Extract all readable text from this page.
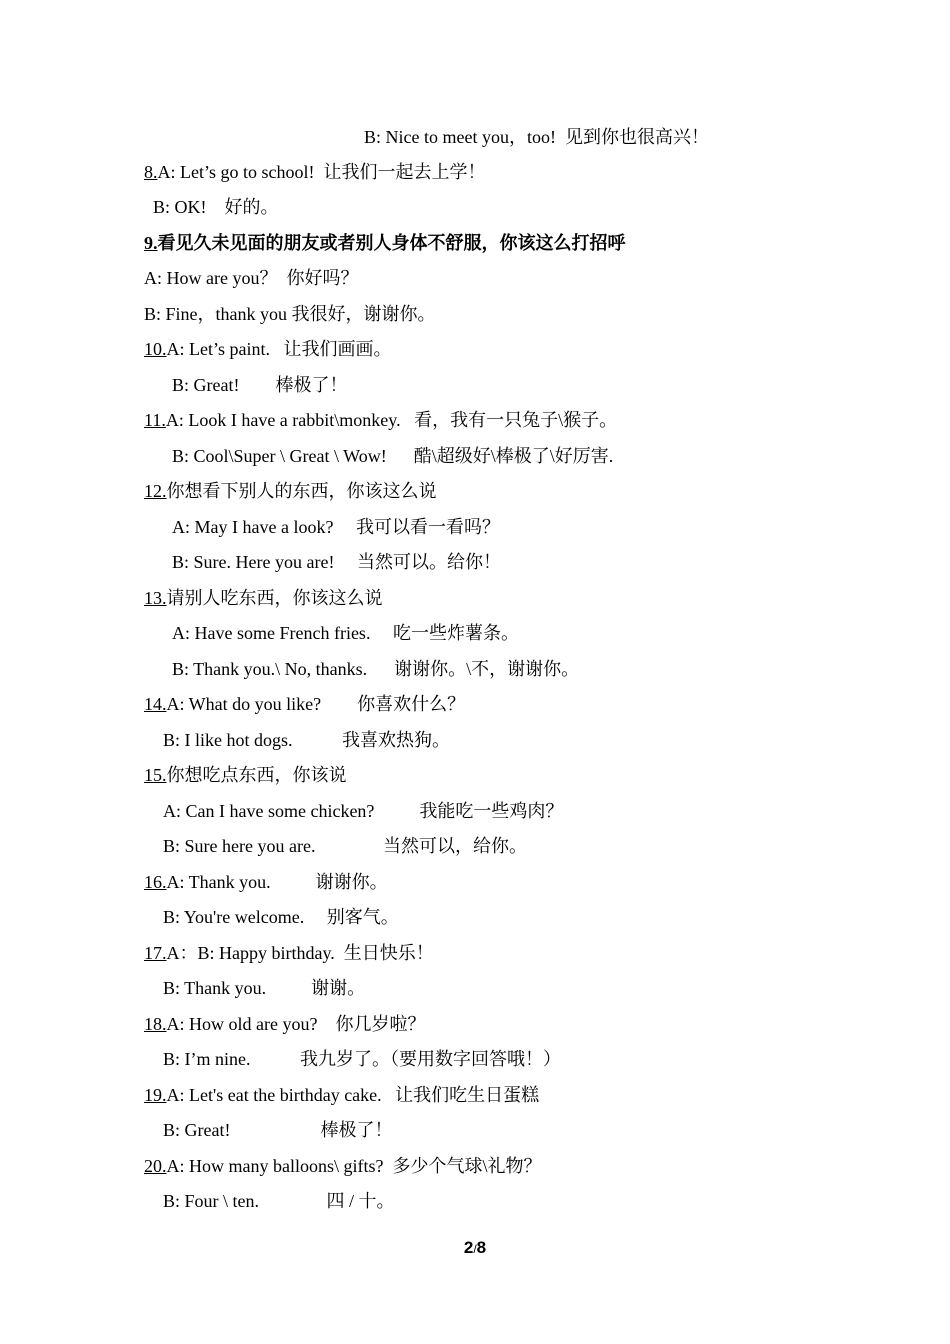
B: Nice to meet you，too!  见到你也很高兴！
8.A: Let’s go to school!  让我们一起去上学！
B: OK!    好的。
9.看见久未见面的朋友或者别人身体不舒服，你该这么打招呼
A: How are you？  你好吗？
B: Fine，thank you 我很好，谢谢你。
10.A: Let’s paint.   让我们画画。
B: Great!        棒极了！
11.A: Look I have a rabbit\monkey.   看，我有一只兔子\猴子。
B: Cool\Super \ Great \ Wow!      酷\超级好\棒极了\好厉害.
12.你想看下别人的东西，你该这么说
A: May I have a look?     我可以看一看吗？
B: Sure. Here you are!     当然可以。给你！
13.请别人吃东西，你该这么说
A: Have some French fries.     吃一些炸薯条。
B: Thank you.\ No, thanks.      谢谢你。\不，谢谢你。
14.A: What do you like?        你喜欢什么？
B: I like hot dogs.           我喜欢热狗。
15.你想吃点东西，你该说
A: Can I have some chicken?          我能吃一些鸡肉？
B: Sure here you are.               当然可以，给你。
16.A: Thank you.          谢谢你。
B: You're welcome.     别客气。
17.A：B: Happy birthday.  生日快乐！
B: Thank you.          谢谢。
18.A: How old are you?    你几岁啦？
B: I’m nine.           我九岁了。（要用数字回答哦！）
19.A: Let's eat the birthday cake.   让我们吃生日蛋糕
B: Great!                    棒极了！
20.A: How many balloons\ gifts?  多少个气球\礼物？
B: Four \ ten.               四 / 十。
2/8
